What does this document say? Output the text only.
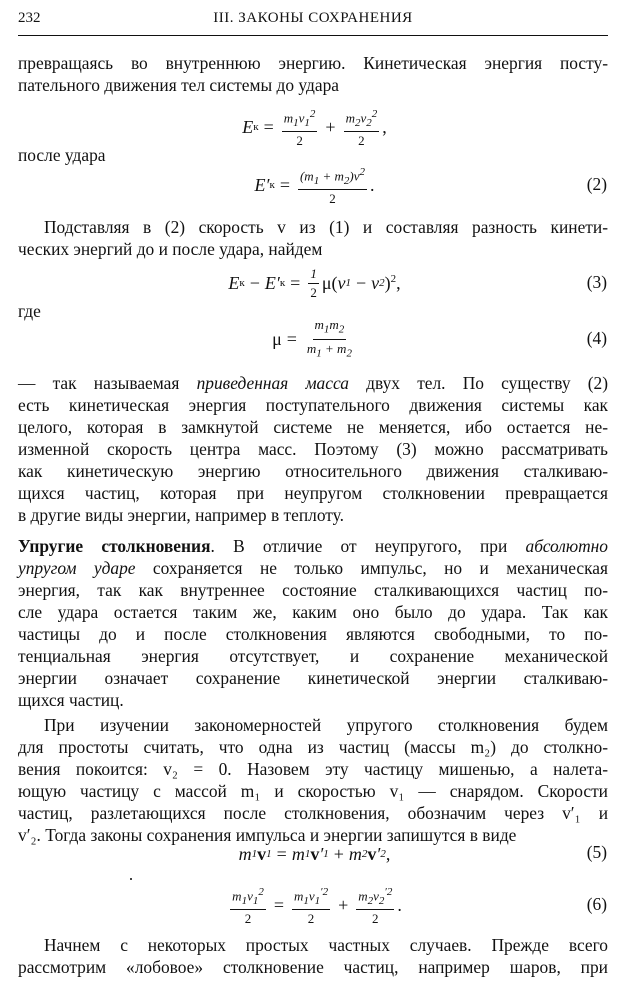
232	III. ЗАКОНЫ СОХРАНЕНИЯ
превращаясь во внутреннюю энергию. Кинетическая энергия посту-
пательного движения тел системы до удара
E $к = \frac{m_1v_1^2}{2} + \frac{m_2v_2^2}{2}$ ,
после удара
E′ $к = \frac{(m_1 + m_2)v^2}{2}$ .	(2)
Подставляя в (2) скорость v из (1) и составляя разность кинети-
ческих энергий до и после удара, найдем
E к − E′ $к = \frac{1}{2} \mu$( v 1 − v 2 )$^2$,	(3)
где
$\mu = \frac{m_1m_2}{m_1 + m_2}$	(4)
— так называемая приведенная масса двух тел. По существу (2)
есть кинетическая энергия поступательного движения системы как
целого, которая в замкнутой системе не меняется, ибо остается не-
изменной скорость центра масс. Поэтому (3) можно рассматривать
как кинетическую энергию относительного движения сталкиваю-
щихся частиц, которая при неупругом столкновении превращается
в другие виды энергии, например в теплоту.
Упругие столкновения. В отличие от неупругого, при абсолютно
упругом ударе сохраняется не только импульс, но и механическая
энергия, так как внутреннее состояние сталкивающихся частиц по-
сле удара остается таким же, каким оно было до удара. Так как
частицы до и после столкновения являются свободными, то по-
тенциальная энергия отсутствует, и сохранение механической
энергии означает сохранение кинетической энергии сталкиваю-
щихся частиц.
При изучении закономерностей упругого столкновения будем
для простоты считать, что одна из частиц (массы m₂) до столкно-
вения покоится: v₂ = 0. Назовем эту частицу мишенью, а налета-
ющую частицу с массой m₁ и скоростью v₁ — снарядом. Скорости
частиц, разлетающихся после столкновения, обозначим через v′₁ и
v′₂. Тогда законы сохранения импульса и энергии запишутся в виде
m 1 v 1 = m 1 v ′ 1 + m 2 v ′ 2 ,	(5)
$\frac{m_1v_1^2}{2} = \frac{m_1v_1^{'2}}{2} + \frac{m_2v_2^{'2}}{2}$ .	(6)
Начнем с некоторых простых частных случаев. Прежде всего
рассмотрим «лобовое» столкновение частиц, например шаров, при
